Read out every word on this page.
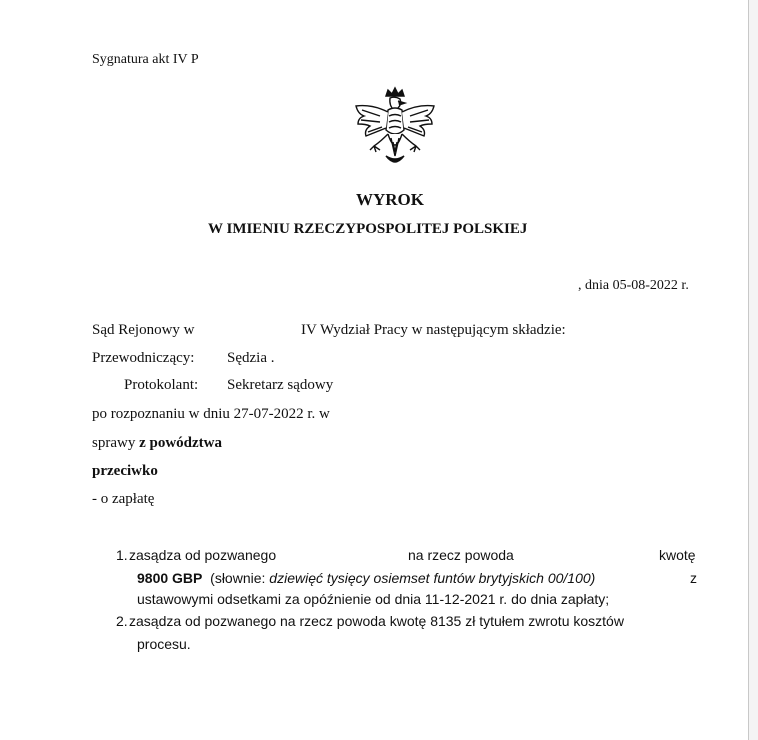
Sygnatura akt IV P
WYROK
W IMIENIU RZECZYPOSPOLITEJ POLSKIEJ
, dnia 05-08-2022 r.
Sąd Rejonowy w	IV Wydział Pracy w następującym składzie:
Przewodniczący: Sędzia .
Protokolant: Sekretarz sądowy
po rozpoznaniu w dniu 27-07-2022 r. w
sprawy z powództwa
przeciwko
- o zapłatę
1. zasądza od pozwanego	na rzecz powoda	kwotę
9800 GBP (słownie: dziewięć tysięcy osiemset funtów brytyjskich 00/100)	z
ustawowymi odsetkami za opóźnienie od dnia 11-12-2021 r. do dnia zapłaty;
2. zasądza od pozwanego na rzecz powoda kwotę 8135 zł tytułem zwrotu kosztów
procesu.
